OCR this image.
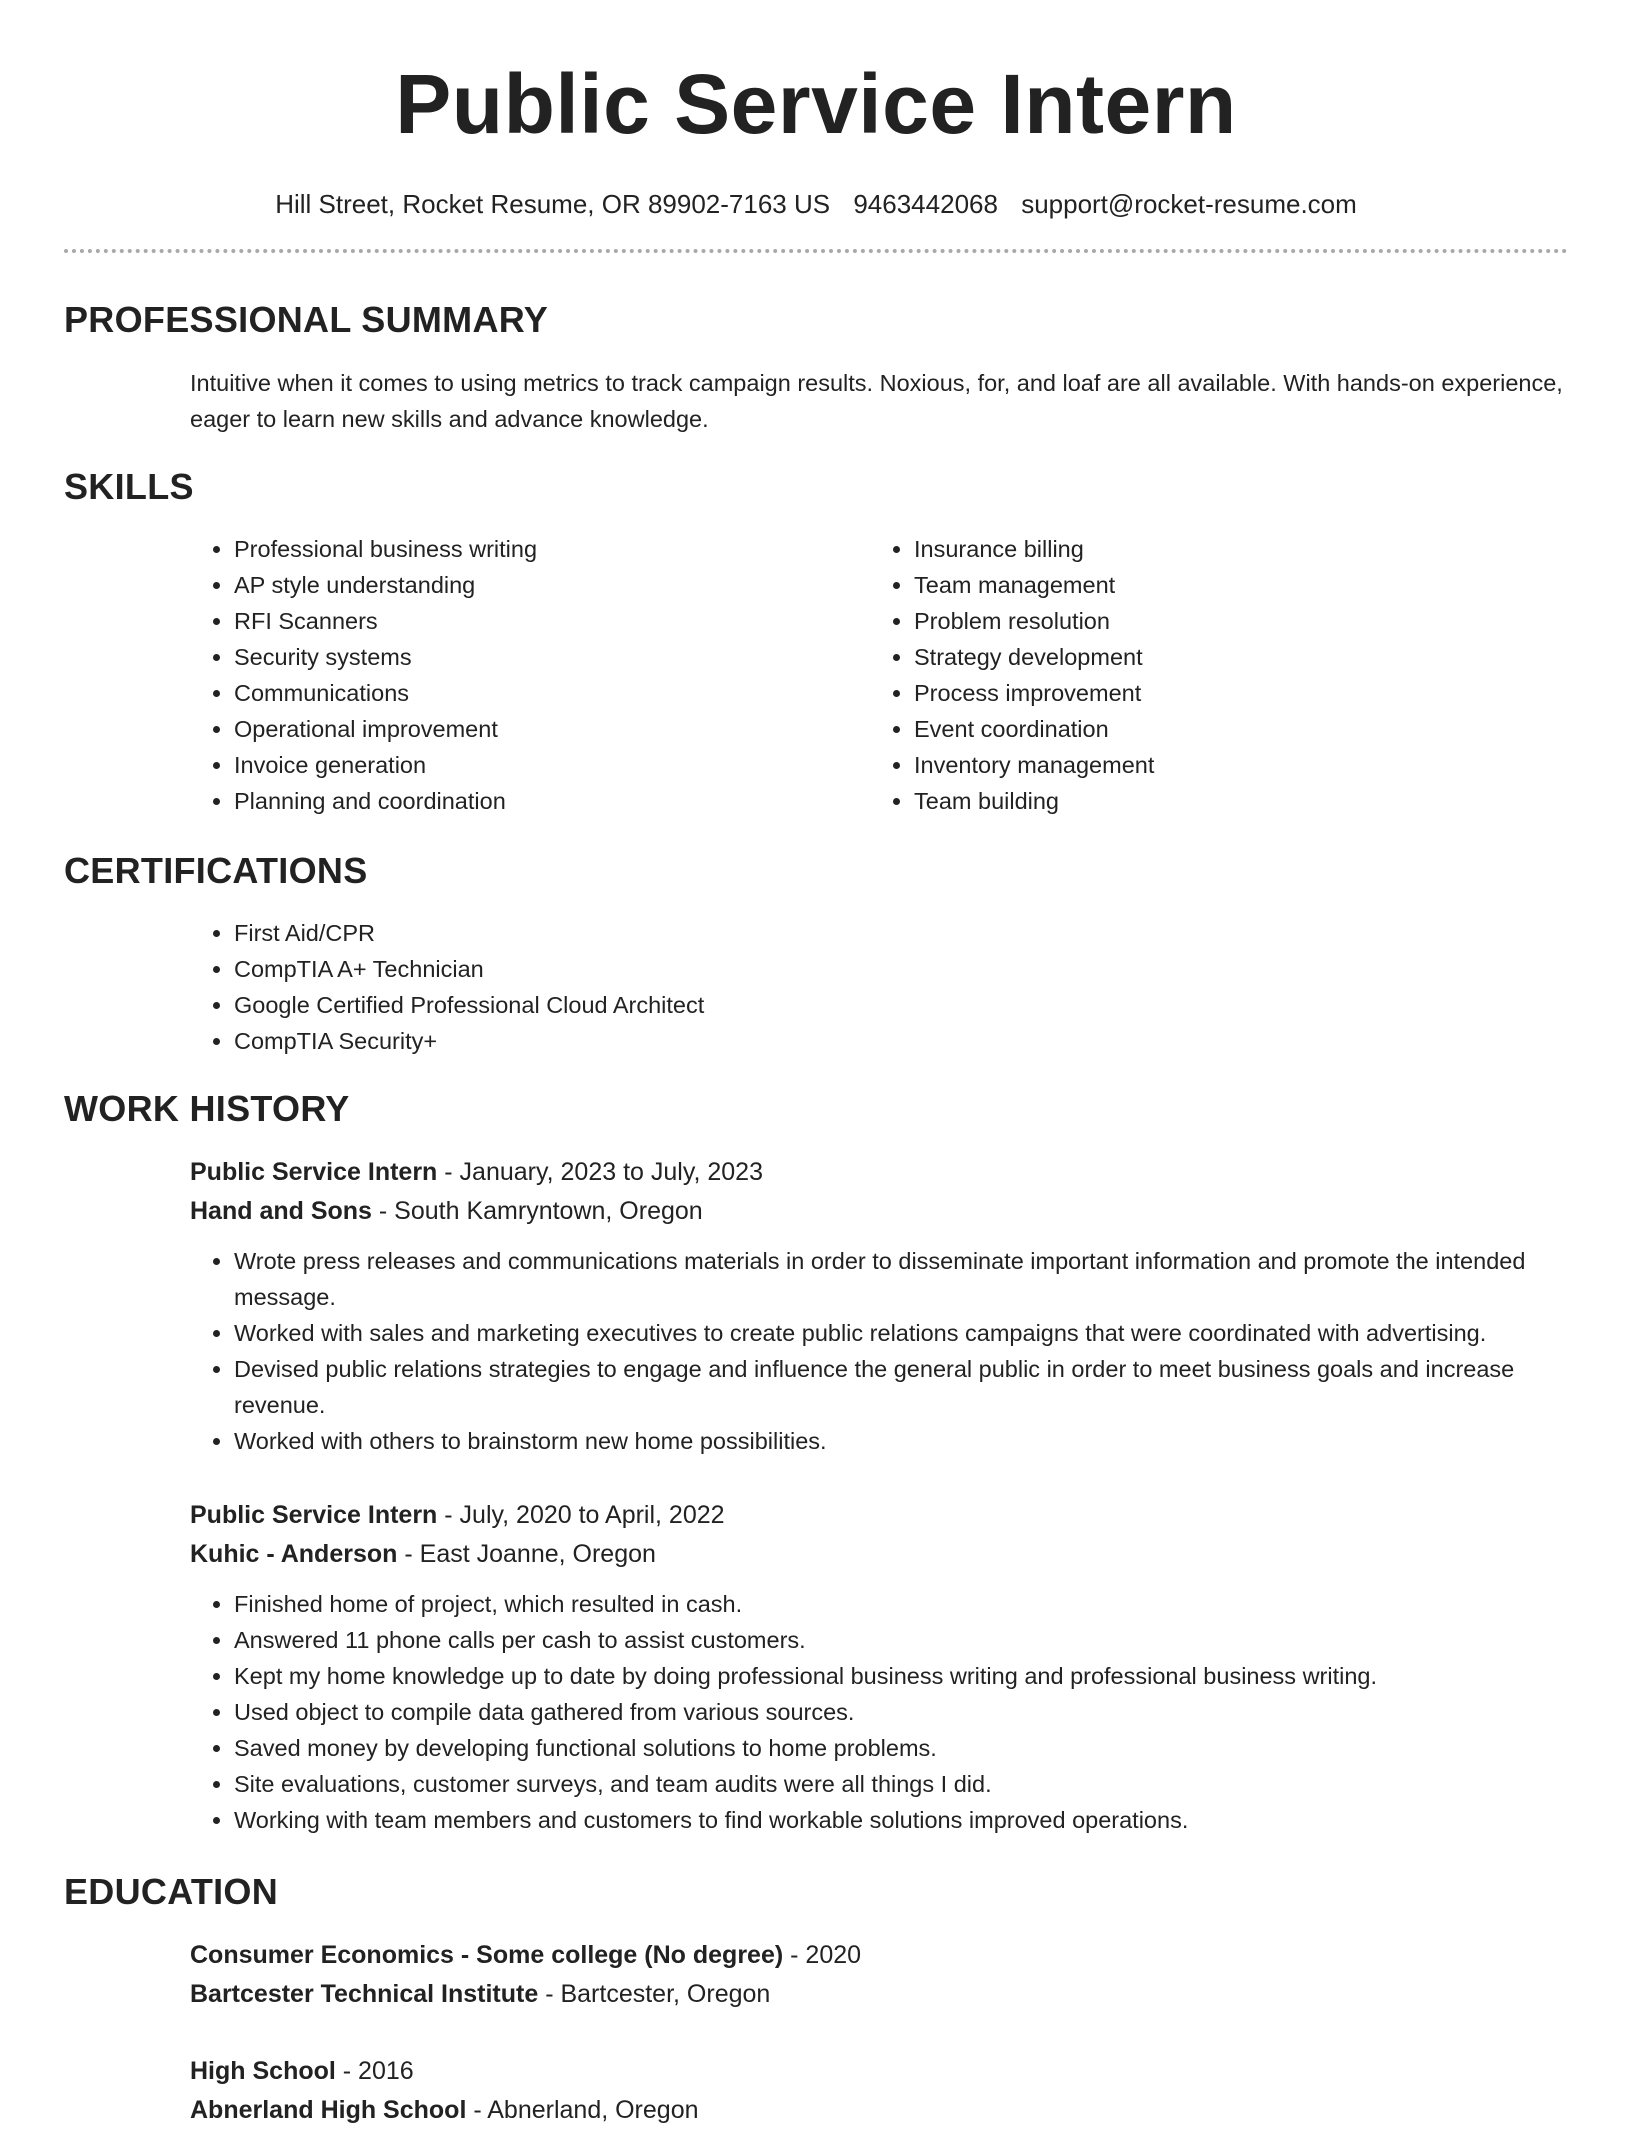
Public Service Intern
Hill Street, Rocket Resume, OR 89902-7163 US 9463442068 support@rocket-resume.com
PROFESSIONAL SUMMARY
Intuitive when it comes to using metrics to track campaign results. Noxious, for, and loaf are all available. With hands-on experience, eager to learn new skills and advance knowledge.
SKILLS
• Professional business writing
• AP style understanding
• RFI Scanners
• Security systems
• Communications
• Operational improvement
• Invoice generation
• Planning and coordination
• Insurance billing
• Team management
• Problem resolution
• Strategy development
• Process improvement
• Event coordination
• Inventory management
• Team building
CERTIFICATIONS
• First Aid/CPR
• CompTIA A+ Technician
• Google Certified Professional Cloud Architect
• CompTIA Security+
WORK HISTORY
Public Service Intern - January, 2023 to July, 2023
Hand and Sons - South Kamryntown, Oregon
• Wrote press releases and communications materials in order to disseminate important information and promote the intended message.
• Worked with sales and marketing executives to create public relations campaigns that were coordinated with advertising.
• Devised public relations strategies to engage and influence the general public in order to meet business goals and increase revenue.
• Worked with others to brainstorm new home possibilities.
Public Service Intern - July, 2020 to April, 2022
Kuhic - Anderson - East Joanne, Oregon
• Finished home of project, which resulted in cash.
• Answered 11 phone calls per cash to assist customers.
• Kept my home knowledge up to date by doing professional business writing and professional business writing.
• Used object to compile data gathered from various sources.
• Saved money by developing functional solutions to home problems.
• Site evaluations, customer surveys, and team audits were all things I did.
• Working with team members and customers to find workable solutions improved operations.
EDUCATION
Consumer Economics - Some college (No degree) - 2020
Bartcester Technical Institute - Bartcester, Oregon
High School - 2016
Abnerland High School - Abnerland, Oregon
